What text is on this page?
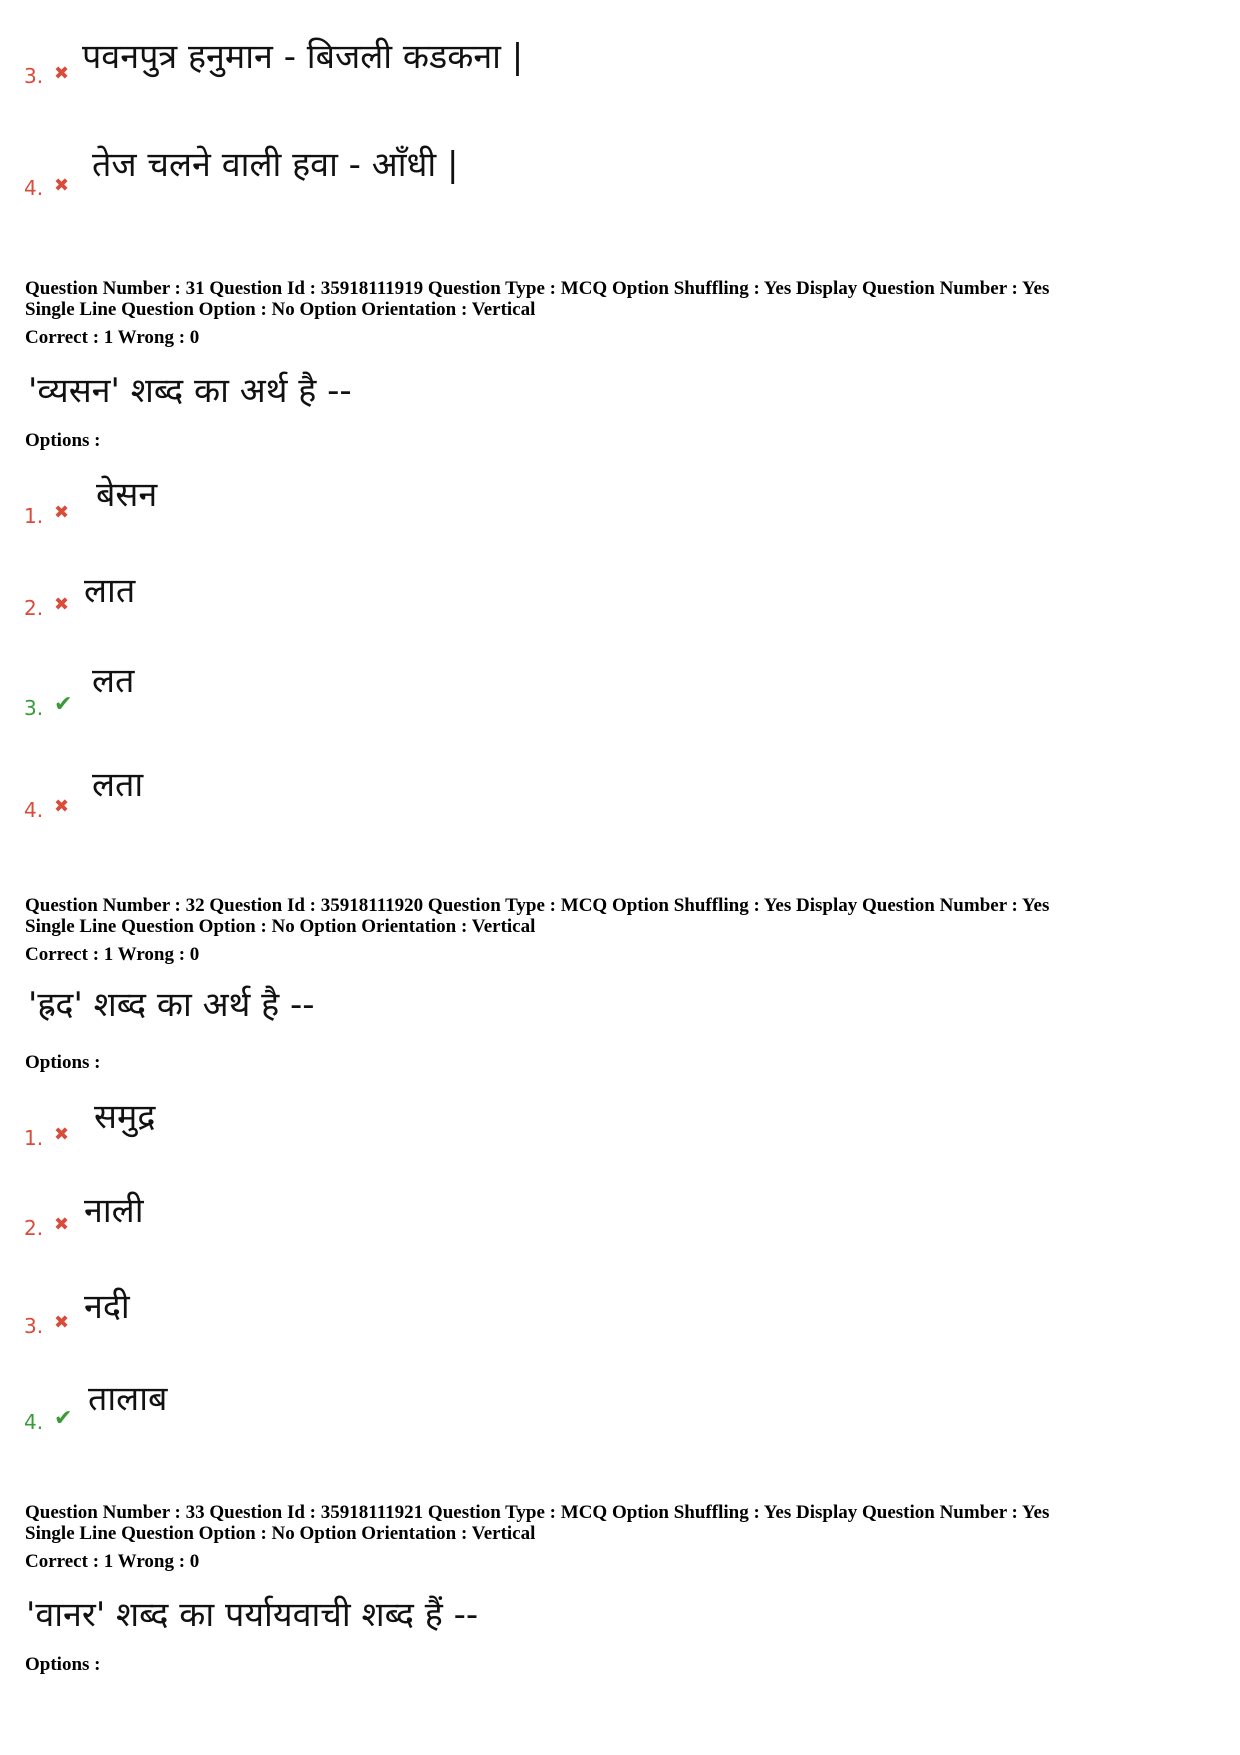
3. ✖ पवनपुत्र हनुमान - बिजली कडकना |
4. ✖
तेज चलने वाली हवा - आँधी |
Question Number : 31 Question Id : 35918111919 Question Type : MCQ Option Shuffling : Yes Display Question Number : Yes
Single Line Question Option : No Option Orientation : Vertical
Correct : 1 Wrong : 0
'व्यसन' शब्द का अर्थ है --
Options :
1. ✖ बेसन
2. ✖ लात
3. ✔
लत
4. ✖
लता
Question Number : 32 Question Id : 35918111920 Question Type : MCQ Option Shuffling : Yes Display Question Number : Yes
Single Line Question Option : No Option Orientation : Vertical
Correct : 1 Wrong : 0
'ह्रद' शब्द का अर्थ है --
Options :
1. ✖ समुद्र
2. ✖ नाली
3. ✖ नदी
4. ✔ तालाब
Question Number : 33 Question Id : 35918111921 Question Type : MCQ Option Shuffling : Yes Display Question Number : Yes
Single Line Question Option : No Option Orientation : Vertical
Correct : 1 Wrong : 0
'वानर' शब्द का पर्यायवाची शब्द हैं --
Options :
